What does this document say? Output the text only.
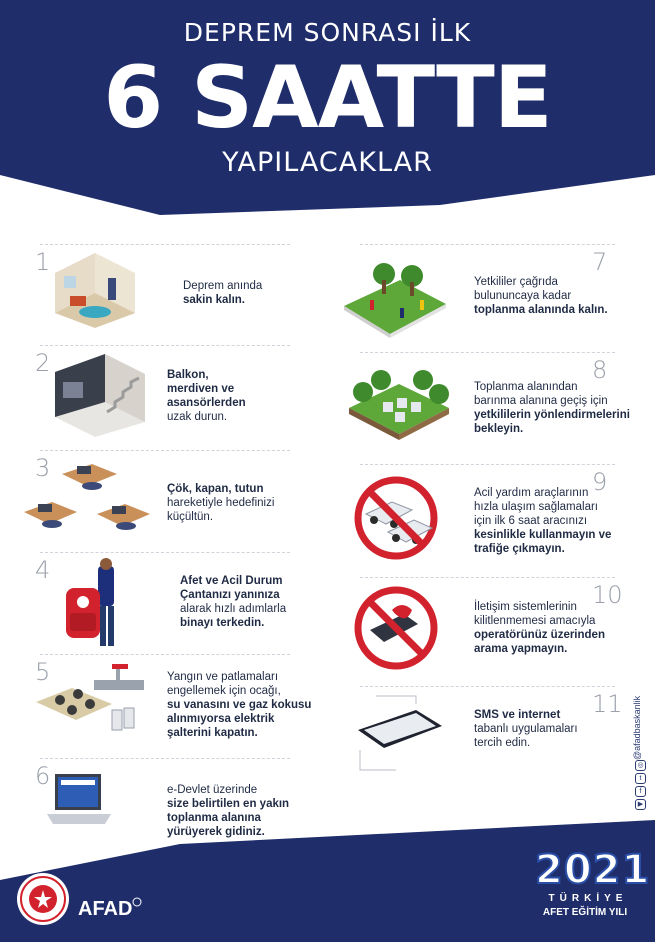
DEPREM SONRASI İLK
6 SAATTE
YAPILACAKLAR
1
Deprem anında
sakin kalın.
2	Balkon,
merdiven ve
asansörlerden
uzak durun.
3
Çök, kapan, tutun
hareketiyle hedefinizi
küçültün.
4	Afet ve Acil Durum
Çantanızı yanınıza
alarak hızlı adımlarla
binayı terkedin.
5	Yangın ve patlamaları
engellemek için ocağı,
su vanasını ve gaz kokusu
alınmıyorsa elektrik
şalterini kapatın.
6	e-Devlet üzerinde
size belirtilen en yakın
toplanma alanına
yürüyerek gidiniz.
7
Yetkililer çağrıda
bulununcaya kadar
toplanma alanında kalın.
8
Toplanma alanından
barınma alanına geçiş için
yetkililerin yönlendirmelerini
bekleyin.
9
Acil yardım araçlarının
hızla ulaşım sağlamaları
için ilk 6 saat aracınızı
kesinlikle kullanmayın ve
trafiğe çıkmayın.
10
İletişim sistemlerinin
kilitlenmemesi amacıyla
operatörünüz üzerinden
arama yapmayın.
11
SMS ve internet
tabanlı uygulamaları
tercih edin.	@afadbaskanlik
◎
t
f
▶
AFAD
2021
TÜRKİYE
AFET EĞİTİM YILI
